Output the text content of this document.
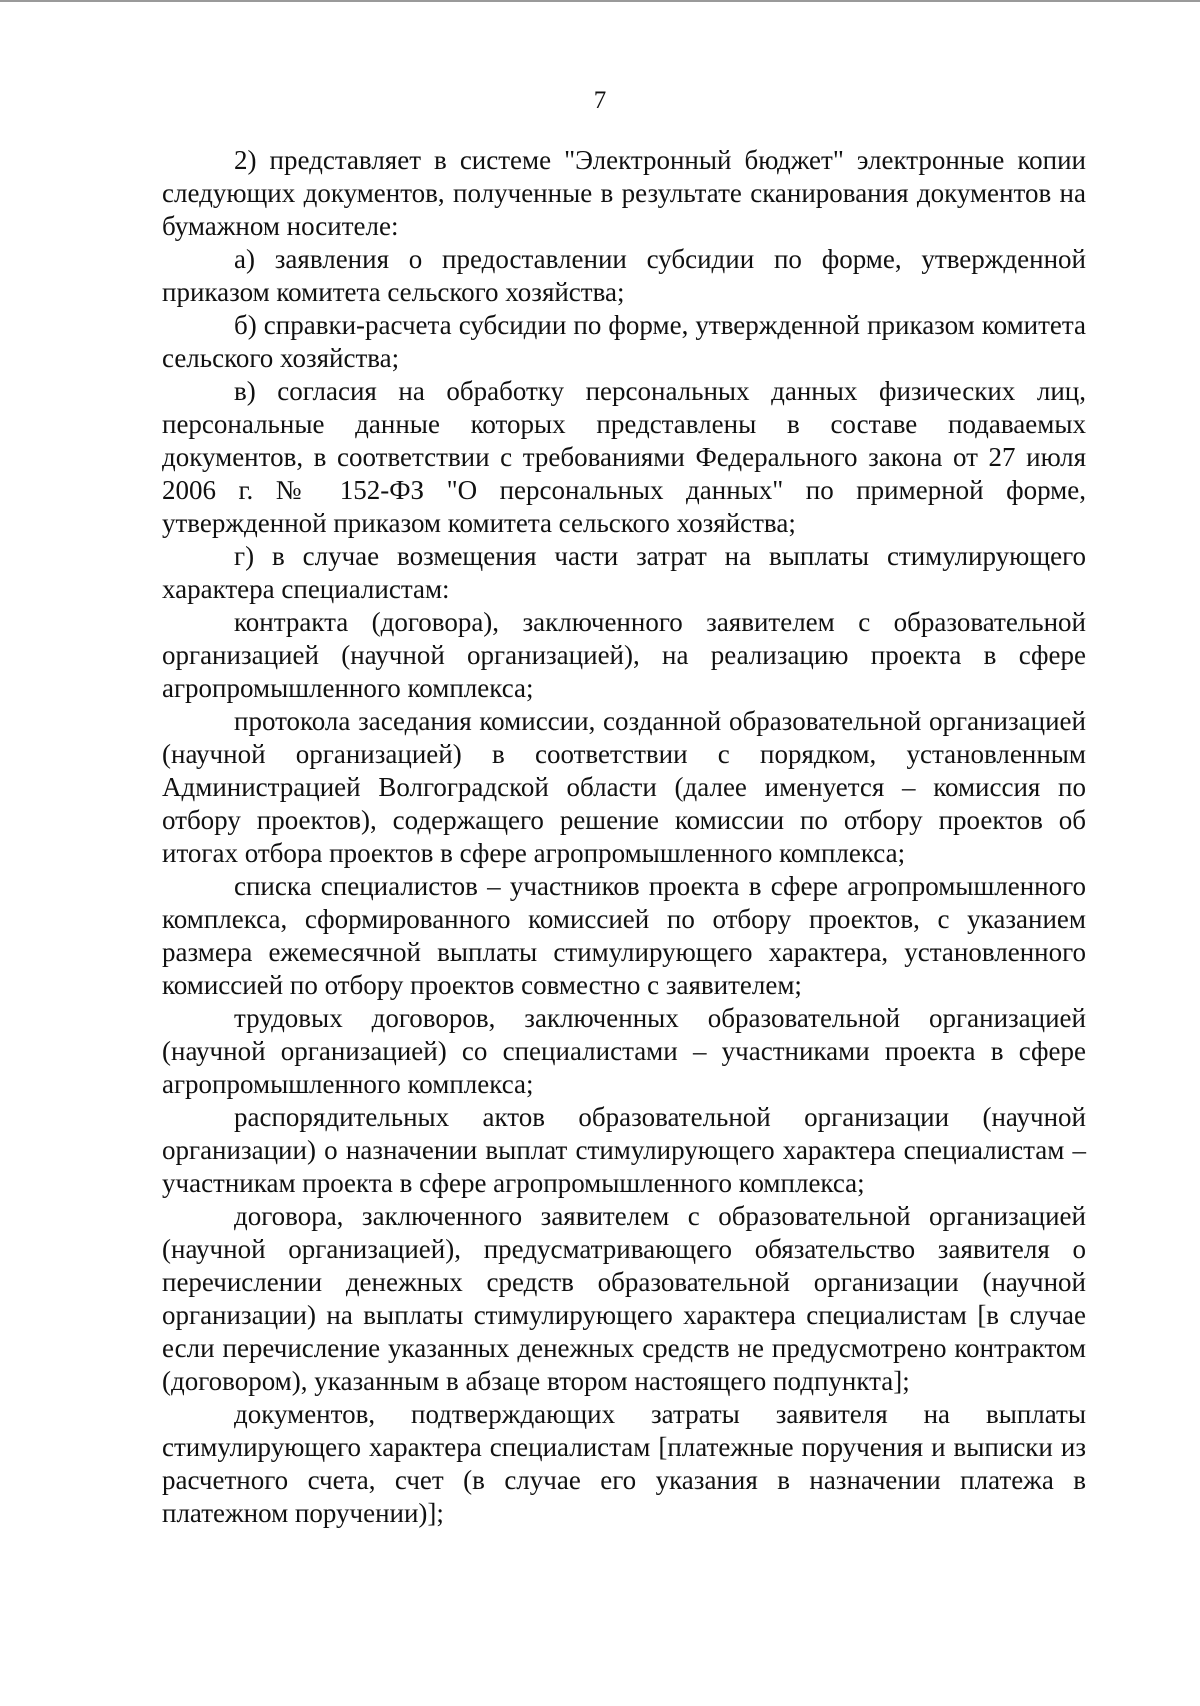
7

2) представляет в системе "Электронный бюджет" электронные копии следующих документов, полученные в результате сканирования документов на бумажном носителе:

а) заявления о предоставлении субсидии по форме, утвержденной приказом комитета сельского хозяйства;

б) справки-расчета субсидии по форме, утвержденной приказом комитета сельского хозяйства;

в) согласия на обработку персональных данных физических лиц, персональные данные которых представлены в составе подаваемых документов, в соответствии с требованиями Федерального закона от 27 июля 2006 г. № 152-ФЗ "О персональных данных" по примерной форме, утвержденной приказом комитета сельского хозяйства;

г) в случае возмещения части затрат на выплаты стимулирующего характера специалистам:

контракта (договора), заключенного заявителем с образовательной организацией (научной организацией), на реализацию проекта в сфере агропромышленного комплекса;

протокола заседания комиссии, созданной образовательной организацией (научной организацией) в соответствии с порядком, установленным Администрацией Волгоградской области (далее именуется – комиссия по отбору проектов), содержащего решение комиссии по отбору проектов об итогах отбора проектов в сфере агропромышленного комплекса;

списка специалистов – участников проекта в сфере агропромышленного комплекса, сформированного комиссией по отбору проектов, с указанием размера ежемесячной выплаты стимулирующего характера, установленного комиссией по отбору проектов совместно с заявителем;

трудовых договоров, заключенных образовательной организацией (научной организацией) со специалистами – участниками проекта в сфере агропромышленного комплекса;

распорядительных актов образовательной организации (научной организации) о назначении выплат стимулирующего характера специалистам – участникам проекта в сфере агропромышленного комплекса;

договора, заключенного заявителем с образовательной организацией (научной организацией), предусматривающего обязательство заявителя о перечислении денежных средств образовательной организации (научной организации) на выплаты стимулирующего характера специалистам [в случае если перечисление указанных денежных средств не предусмотрено контрактом (договором), указанным в абзаце втором настоящего подпункта];

документов, подтверждающих затраты заявителя на выплаты стимулирующего характера специалистам [платежные поручения и выписки из расчетного счета, счет (в случае его указания в назначении платежа в платежном поручении)];
